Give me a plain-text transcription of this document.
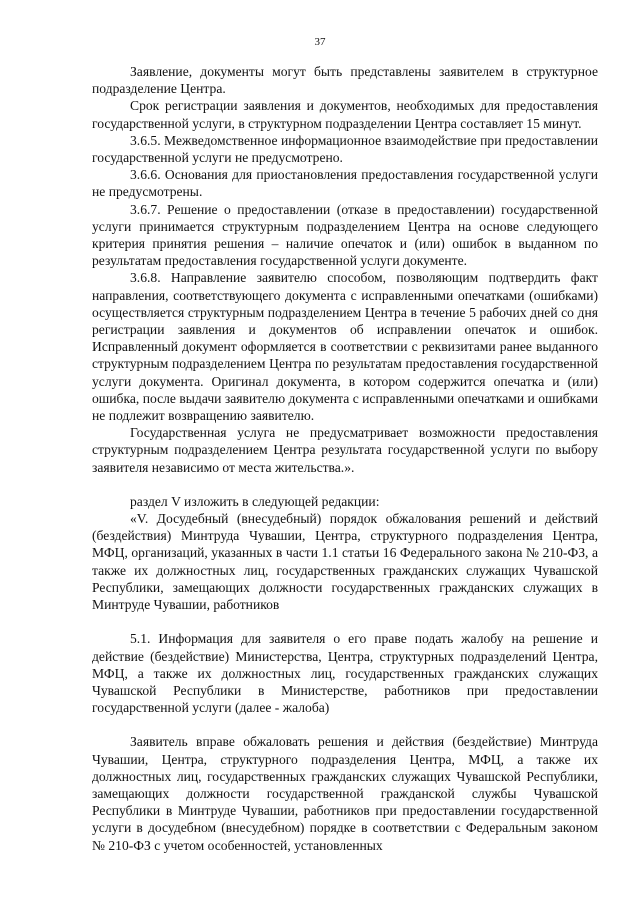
37

Заявление, документы могут быть представлены заявителем в структурное подразделение Центра.

Срок регистрации заявления и документов, необходимых для предоставления государственной услуги, в структурном подразделении Центра составляет 15 минут.

3.6.5. Межведомственное информационное взаимодействие при предоставлении государственной услуги не предусмотрено.

3.6.6. Основания для приостановления предоставления государственной услуги не предусмотрены.

3.6.7. Решение о предоставлении (отказе в предоставлении) государственной услуги принимается структурным подразделением Центра на основе следующего критерия принятия решения – наличие опечаток и (или) ошибок в выданном по результатам предоставления государственной услуги документе.

3.6.8. Направление заявителю способом, позволяющим подтвердить факт направления, соответствующего документа с исправленными опечатками (ошибками) осуществляется структурным подразделением Центра в течение 5 рабочих дней со дня регистрации заявления и документов об исправлении опечаток и ошибок. Исправленный документ оформляется в соответствии с реквизитами ранее выданного структурным подразделением Центра по результатам предоставления государственной услуги документа. Оригинал документа, в котором содержится опечатка и (или) ошибка, после выдачи заявителю документа с исправленными опечатками и ошибками не подлежит возвращению заявителю.

Государственная услуга не предусматривает возможности предоставления структурным подразделением Центра результата государственной услуги по выбору заявителя независимо от места жительства.».

раздел V изложить в следующей редакции:

«V. Досудебный (внесудебный) порядок обжалования решений и действий (бездействия) Минтруда Чувашии, Центра, структурного подразделения Центра, МФЦ, организаций, указанных в части 1.1 статьи 16 Федерального закона № 210-ФЗ, а также их должностных лиц, государственных гражданских служащих Чувашской Республики, замещающих должности государственных гражданских служащих в Минтруде Чувашии, работников

5.1. Информация для заявителя о его праве подать жалобу на решение и действие (бездействие) Министерства, Центра, структурных подразделений Центра, МФЦ, а также их должностных лиц, государственных гражданских служащих Чувашской Республики в Министерстве, работников при предоставлении государственной услуги (далее - жалоба)

Заявитель вправе обжаловать решения и действия (бездействие) Минтруда Чувашии, Центра, структурного подразделения Центра, МФЦ, а также их должностных лиц, государственных гражданских служащих Чувашской Республики, замещающих должности государственной гражданской службы Чувашской Республики в Минтруде Чувашии, работников при предоставлении государственной услуги в досудебном (внесудебном) порядке в соответствии с Федеральным законом № 210-ФЗ с учетом особенностей, установленных
